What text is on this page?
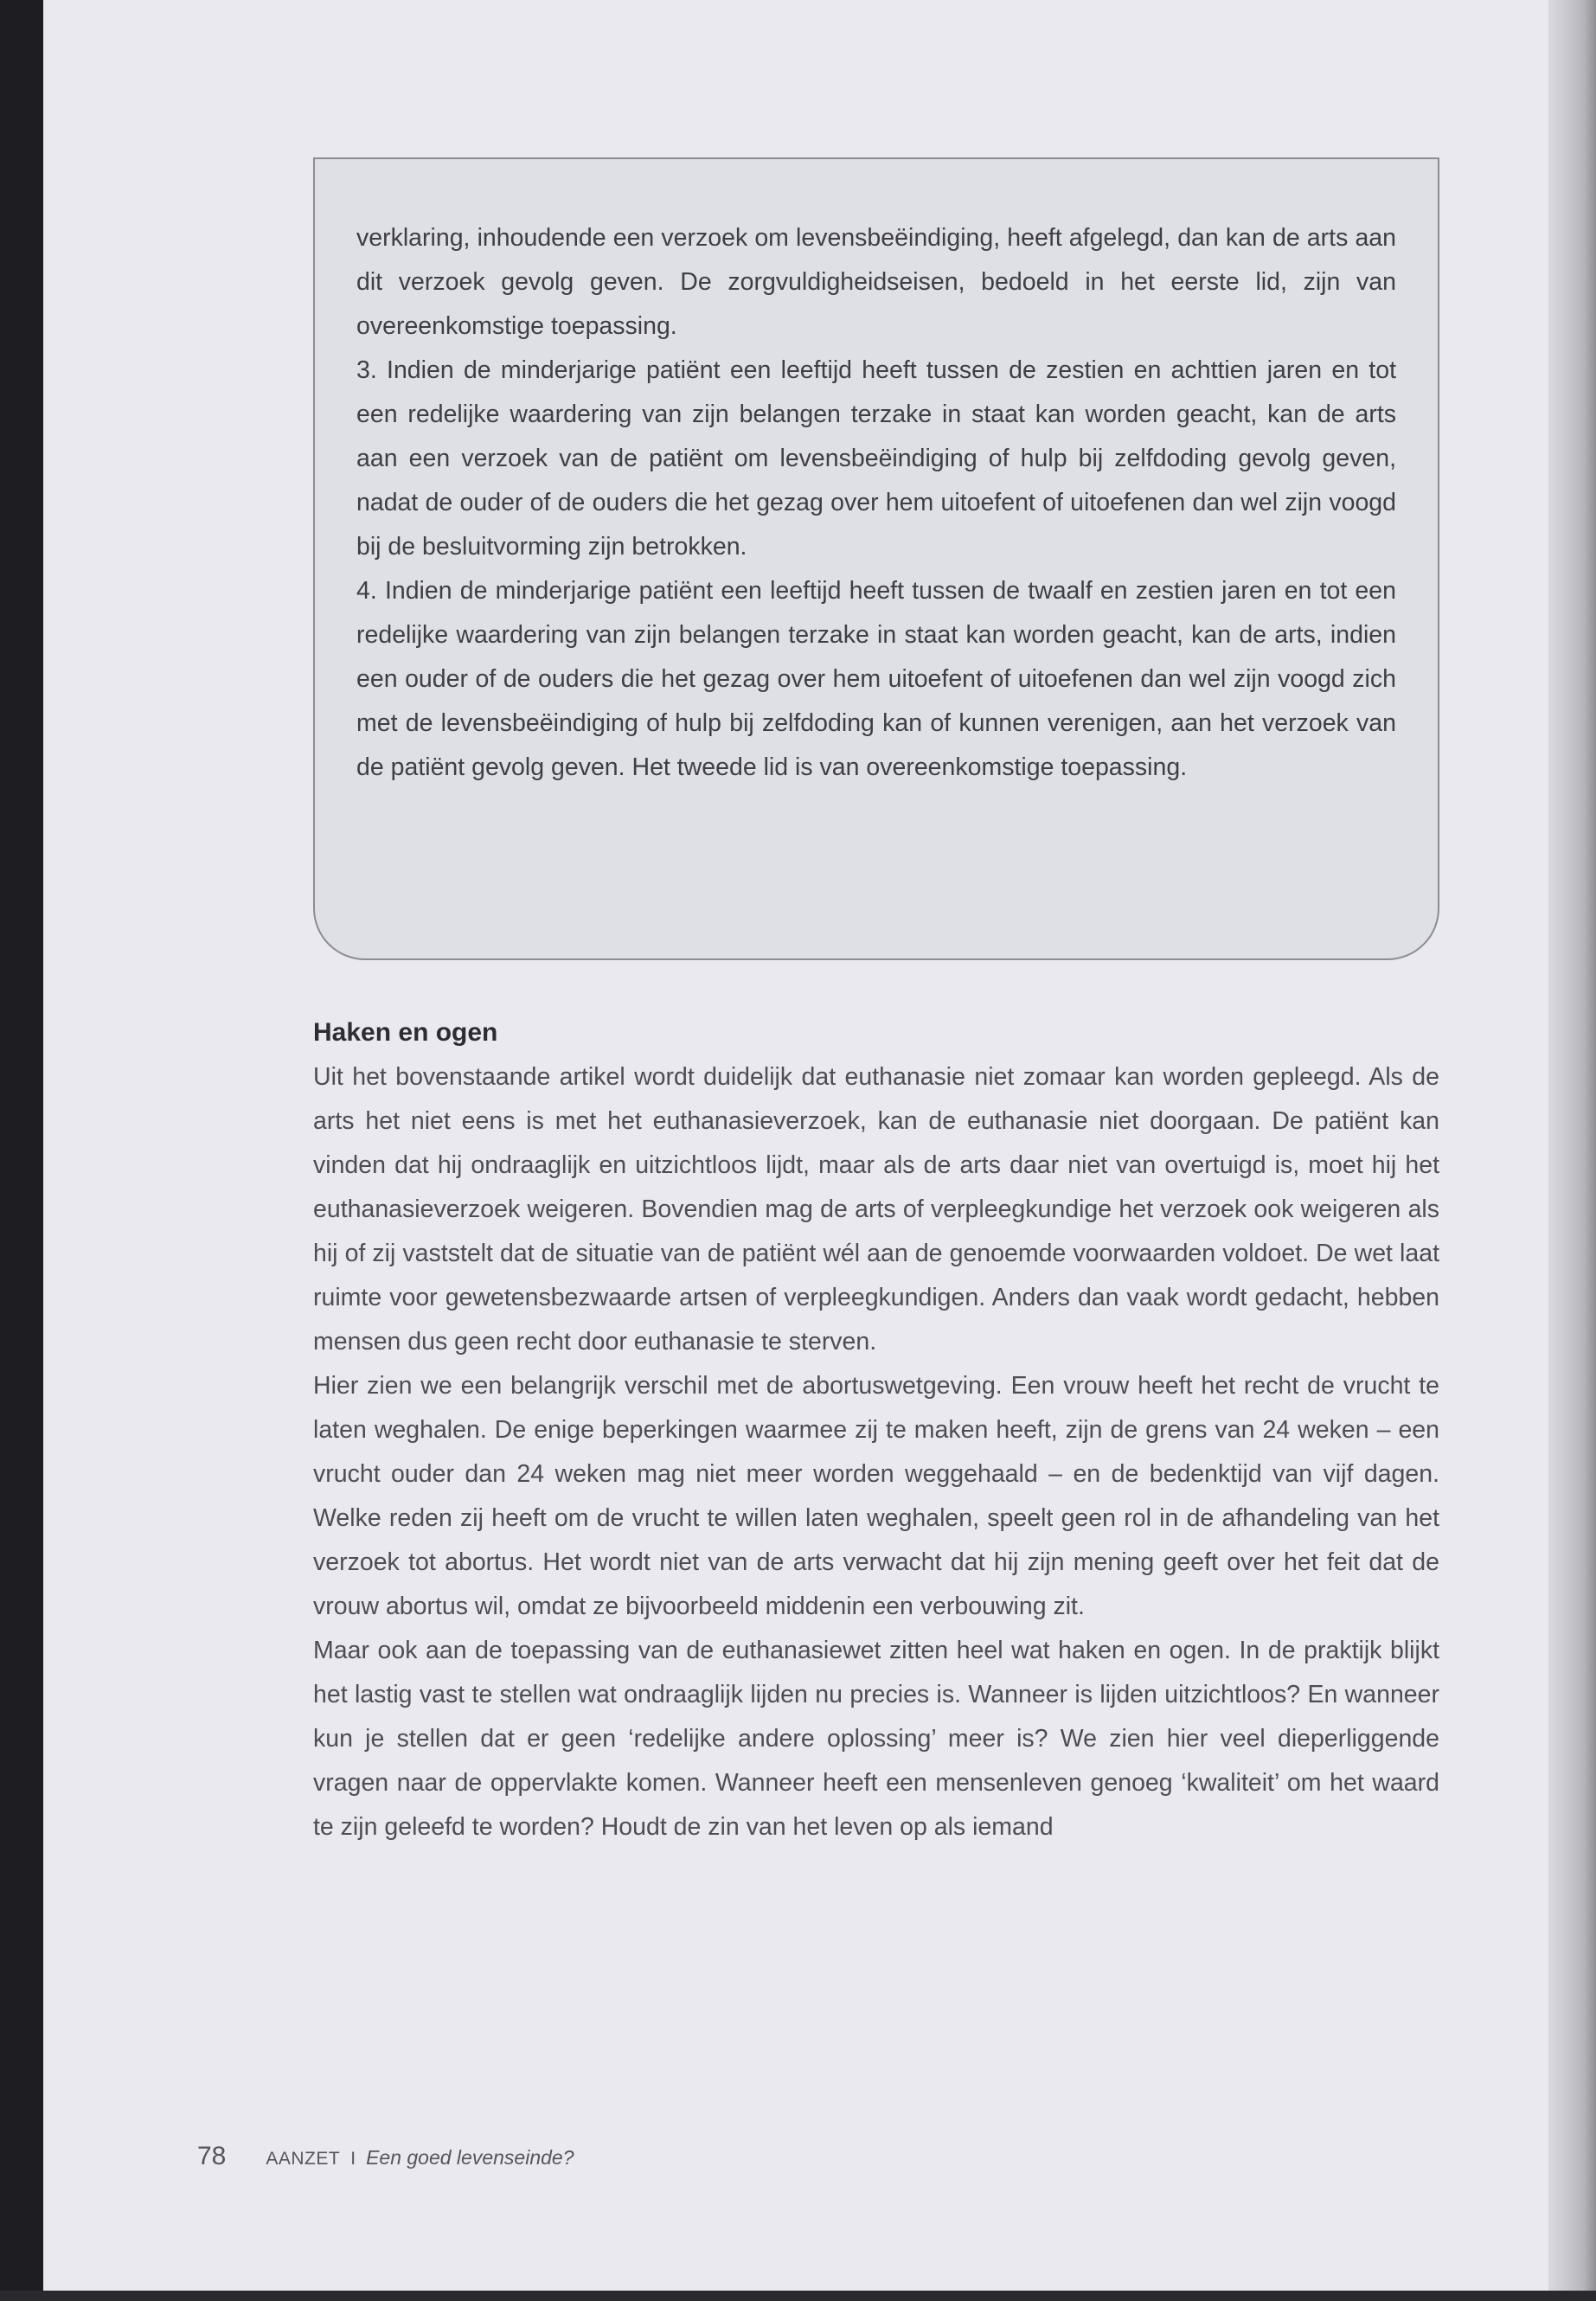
verklaring, inhoudende een verzoek om levensbeëindiging, heeft afgelegd, dan kan de arts aan dit verzoek gevolg geven. De zorgvuldigheidseisen, bedoeld in het eerste lid, zijn van overeenkomstige toepassing.

3. Indien de minderjarige patiënt een leeftijd heeft tussen de zestien en achttien jaren en tot een redelijke waardering van zijn belangen terzake in staat kan worden geacht, kan de arts aan een verzoek van de patiënt om levensbeëindiging of hulp bij zelfdoding gevolg geven, nadat de ouder of de ouders die het gezag over hem uitoefent of uitoefenen dan wel zijn voogd bij de besluitvorming zijn betrokken.

4. Indien de minderjarige patiënt een leeftijd heeft tussen de twaalf en zestien jaren en tot een redelijke waardering van zijn belangen terzake in staat kan worden geacht, kan de arts, indien een ouder of de ouders die het gezag over hem uitoefent of uitoefenen dan wel zijn voogd zich met de levensbeëindiging of hulp bij zelfdoding kan of kunnen verenigen, aan het verzoek van de patiënt gevolg geven. Het tweede lid is van overeenkomstige toepassing.

Haken en ogen

Uit het bovenstaande artikel wordt duidelijk dat euthanasie niet zomaar kan worden gepleegd. Als de arts het niet eens is met het euthanasieverzoek, kan de euthanasie niet doorgaan. De patiënt kan vinden dat hij ondraaglijk en uitzichtloos lijdt, maar als de arts daar niet van overtuigd is, moet hij het euthanasieverzoek weigeren. Bovendien mag de arts of verpleegkundige het verzoek ook weigeren als hij of zij vaststelt dat de situatie van de patiënt wél aan de genoemde voorwaarden voldoet. De wet laat ruimte voor gewetensbezwaarde artsen of verpleegkundigen. Anders dan vaak wordt gedacht, hebben mensen dus geen recht door euthanasie te sterven.

Hier zien we een belangrijk verschil met de abortuswetgeving. Een vrouw heeft het recht de vrucht te laten weghalen. De enige beperkingen waarmee zij te maken heeft, zijn de grens van 24 weken – een vrucht ouder dan 24 weken mag niet meer worden weggehaald – en de bedenktijd van vijf dagen. Welke reden zij heeft om de vrucht te willen laten weghalen, speelt geen rol in de afhandeling van het verzoek tot abortus. Het wordt niet van de arts verwacht dat hij zijn mening geeft over het feit dat de vrouw abortus wil, omdat ze bijvoorbeeld middenin een verbouwing zit.

Maar ook aan de toepassing van de euthanasiewet zitten heel wat haken en ogen. In de praktijk blijkt het lastig vast te stellen wat ondraaglijk lijden nu precies is. Wanneer is lijden uitzichtloos? En wanneer kun je stellen dat er geen ‘redelijke andere oplossing’ meer is? We zien hier veel dieperliggende vragen naar de oppervlakte komen. Wanneer heeft een mensenleven genoeg ‘kwaliteit’ om het waard te zijn geleefd te worden? Houdt de zin van het leven op als iemand

78 AANZET I Een goed levenseinde?
